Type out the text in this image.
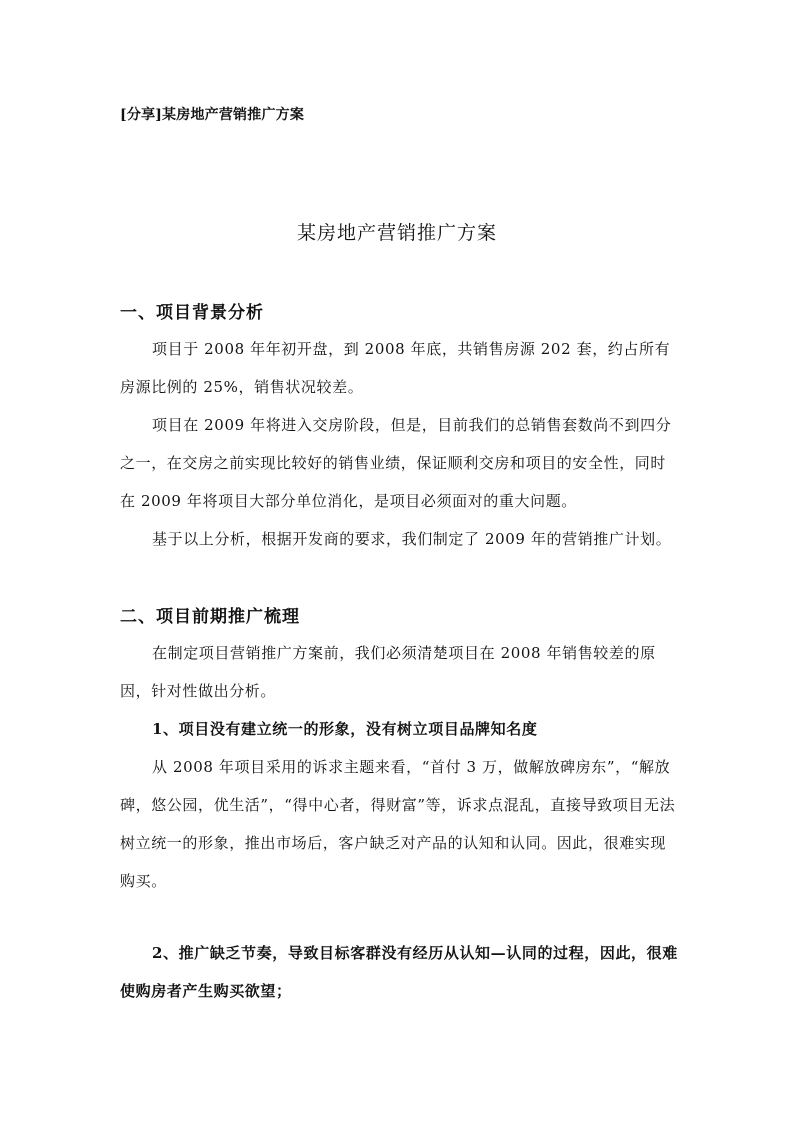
[分享]某房地产营销推广方案
某房地产营销推广方案
一、项目背景分析
项目于 2008 年年初开盘，到 2008 年底，共销售房源 202 套，约占所有房源比例的 25%，销售状况较差。
项目在 2009 年将进入交房阶段，但是，目前我们的总销售套数尚不到四分之一，在交房之前实现比较好的销售业绩，保证顺利交房和项目的安全性，同时在 2009 年将项目大部分单位消化，是项目必须面对的重大问题。
基于以上分析，根据开发商的要求，我们制定了 2009 年的营销推广计划。
二、项目前期推广梳理
在制定项目营销推广方案前，我们必须清楚项目在 2008 年销售较差的原因，针对性做出分析。
1、项目没有建立统一的形象，没有树立项目品牌知名度
从 2008 年项目采用的诉求主题来看，“首付 3 万，做解放碑房东”，“解放碑，悠公园，优生活”，“得中心者，得财富”等，诉求点混乱，直接导致项目无法树立统一的形象，推出市场后，客户缺乏对产品的认知和认同。因此，很难实现购买。
2、推广缺乏节奏，导致目标客群没有经历从认知—认同的过程，因此，很难使购房者产生购买欲望；
